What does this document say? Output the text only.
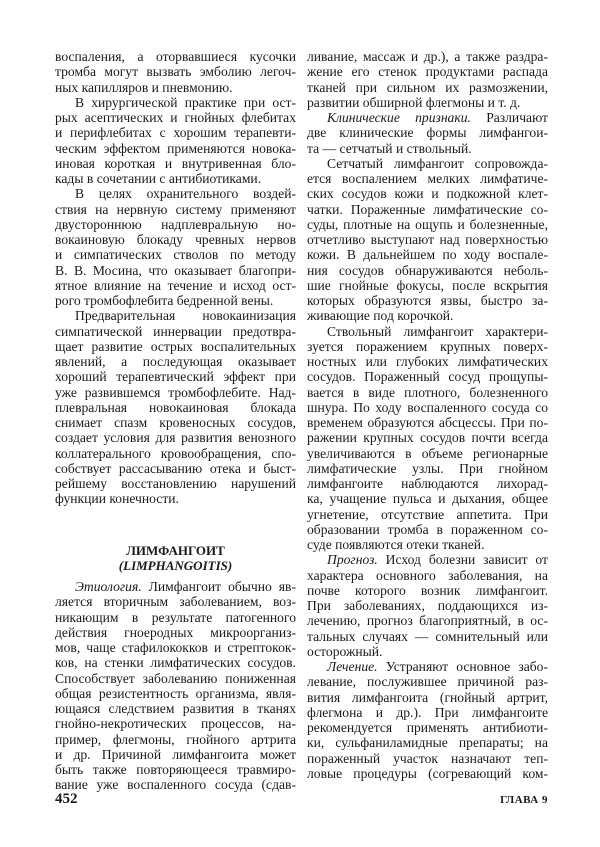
воспаления, а оторвавшиеся кусочки
тромба могут вызвать эмболию легоч-
ных капилляров и пневмонию.
В хирургической практике при ост-
рых асептических и гнойных флебитах
и перифлебитах с хорошим терапевти-
ческим эффектом применяются новока-
иновая короткая и внутривенная бло-
кады в сочетании с антибиотиками.
В целях охранительного воздей-
ствия на нервную систему применяют
двустороннюю надплевральную но-
вокаиновую блокаду чревных нервов
и симпатических стволов по методу
В. В. Мосина, что оказывает благопри-
ятное влияние на течение и исход ост-
рого тромбофлебита бедренной вены.
Предварительная новокаинизация
симпатической иннервации предотвра-
щает развитие острых воспалительных
явлений, а последующая оказывает
хороший терапевтический эффект при
уже развившемся тромбофлебите. Над-
плевральная новокаиновая блокада
снимает спазм кровеносных сосудов,
создает условия для развития венозного
коллатерального кровообращения, спо-
собствует рассасыванию отека и быст-
рейшему восстановлению нарушений
функции конечности.
ЛИМФАНГОИТ
(LIMPHANGOITIS)
Этиология. Лимфангоит обычно яв-
ляется вторичным заболеванием, воз-
никающим в результате патогенного
действия гноеродных микроорганиз-
мов, чаще стафилококков и стрептокок-
ков, на стенки лимфатических сосудов.
Способствует заболеванию пониженная
общая резистентность организма, явля-
ющаяся следствием развития в тканях
гнойно-некротических процессов, на-
пример, флегмоны, гнойного артрита
и др. Причиной лимфангоита может
быть также повторяющееся травмиро-
вание уже воспаленного сосуда (сдав-
ливание, массаж и др.), а также раздра-
жение его стенок продуктами распада
тканей при сильном их размозжении,
развитии обширной флегмоны и т. д.
Клинические признаки. Различают
две клинические формы лимфангои-
та — сетчатый и ствольный.
Сетчатый лимфангоит сопровожда-
ется воспалением мелких лимфатиче-
ских сосудов кожи и подкожной клет-
чатки. Пораженные лимфатические со-
суды, плотные на ощупь и болезненные,
отчетливо выступают над поверхностью
кожи. В дальнейшем по ходу воспале-
ния сосудов обнаруживаются неболь-
шие гнойные фокусы, после вскрытия
которых образуются язвы, быстро за-
живающие под корочкой.
Ствольный лимфангоит характери-
зуется поражением крупных поверх-
ностных или глубоких лимфатических
сосудов. Пораженный сосуд прощупы-
вается в виде плотного, болезненного
шнура. По ходу воспаленного сосуда со
временем образуются абсцессы. При по-
ражении крупных сосудов почти всегда
увеличиваются в объеме регионарные
лимфатические узлы. При гнойном
лимфангоите наблюдаются лихорад-
ка, учащение пульса и дыхания, общее
угнетение, отсутствие аппетита. При
образовании тромба в пораженном со-
суде появляются отеки тканей.
Прогноз. Исход болезни зависит от
характера основного заболевания, на
почве которого возник лимфангоит.
При заболеваниях, поддающихся из-
лечению, прогноз благоприятный, в ос-
тальных случаях — сомнительный или
осторожный.
Лечение. Устраняют основное забо-
левание, послужившее причиной раз-
вития лимфангоита (гнойный артрит,
флегмона и др.). При лимфангоите
рекомендуется применять антибиоти-
ки, сульфаниламидные препараты; на
пораженный участок назначают теп-
ловые процедуры (согревающий ком-
452	ГЛАВА 9
